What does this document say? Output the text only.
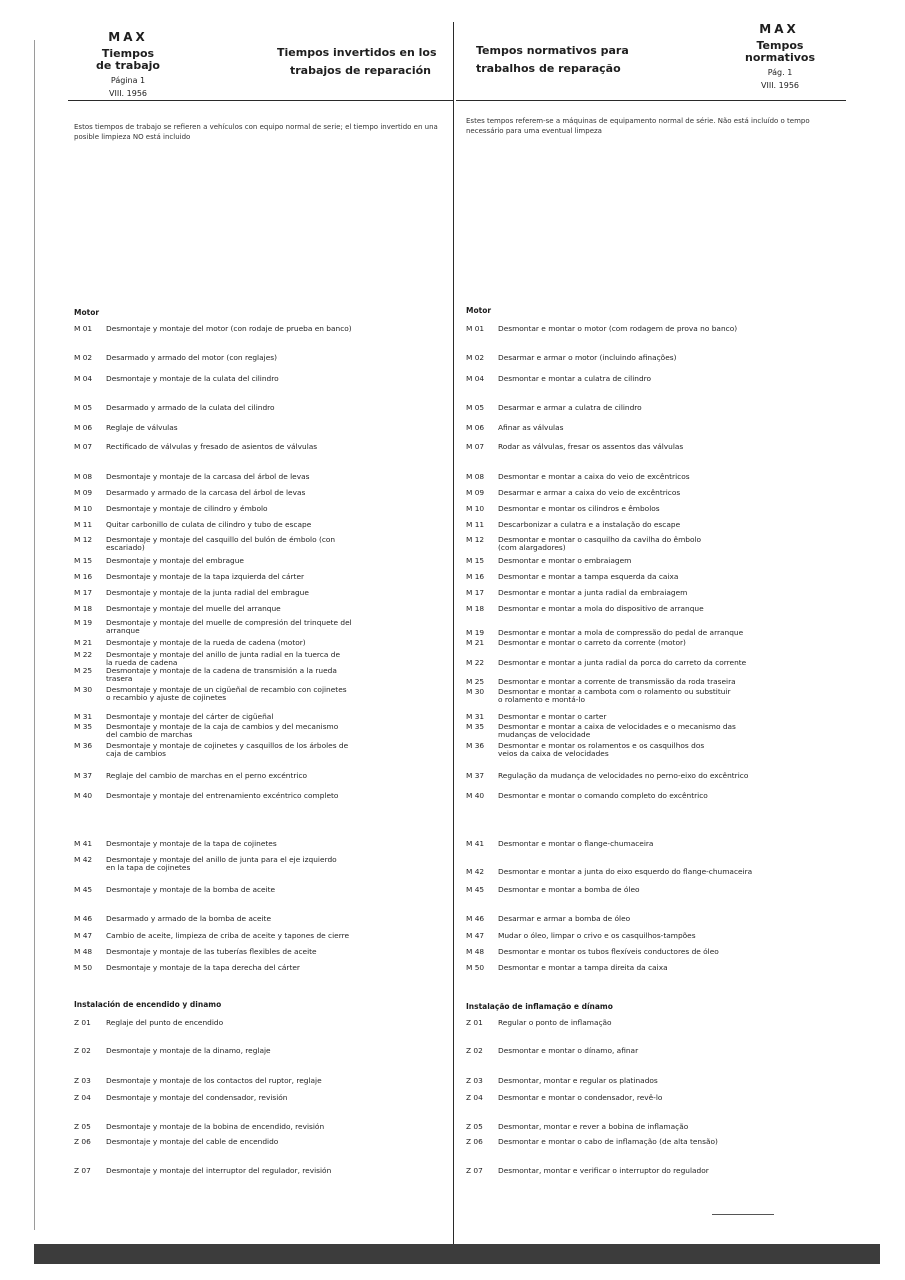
MAX
Tiempos
de trabajo
Página 1
VIII. 1956
Tiempos invertidos en los
trabajos de reparación
Tempos normativos para
trabalhos de reparação
MAX
Tempos
normativos
Pág. 1
VIII. 1956
Estos tiempos de trabajo se refieren a vehículos con equipo normal de serie; el tiempo invertido en una posible limpieza NO está incluido
Estes tempos referem-se a máquinas de equipamento normal de série. Não está incluído o tempo necessário para uma eventual limpeza
Motor	Motor
Instalación de encendido y dinamo	Instalação de inflamação e dínamo
M 01	Desmontaje y montaje del motor (con rodaje de prueba en banco)
M 02	Desarmado y armado del motor (con reglajes)
M 04	Desmontaje y montaje de la culata del cilindro
M 05	Desarmado y armado de la culata del cilindro
M 06	Reglaje de válvulas
M 07	Rectificado de válvulas y fresado de asientos de válvulas
M 08	Desmontaje y montaje de la carcasa del árbol de levas
M 09	Desarmado y armado de la carcasa del árbol de levas
M 10	Desmontaje y montaje de cilindro y émbolo
M 11	Quitar carbonillo de culata de cilindro y tubo de escape
M 12	Desmontaje y montaje del casquillo del bulón de émbolo (con
escariado)
M 15	Desmontaje y montaje del embrague
M 16	Desmontaje y montaje de la tapa izquierda del cárter
M 17	Desmontaje y montaje de la junta radial del embrague
M 18	Desmontaje y montaje del muelle del arranque
M 19	Desmontaje y montaje del muelle de compresión del trinquete del
arranque
M 21	Desmontaje y montaje de la rueda de cadena (motor)
M 22	Desmontaje y montaje del anillo de junta radial en la tuerca de
la rueda de cadena
M 25	Desmontaje y montaje de la cadena de transmisión a la rueda
trasera
M 30	Desmontaje y montaje de un cigüeñal de recambio con cojinetes
o recambio y ajuste de cojinetes
M 31	Desmontaje y montaje del cárter de cigüeñal
M 35	Desmontaje y montaje de la caja de cambios y del mecanismo
del cambio de marchas
M 36	Desmontaje y montaje de cojinetes y casquillos de los árboles de
caja de cambios
M 37	Reglaje del cambio de marchas en el perno excéntrico
M 40	Desmontaje y montaje del entrenamiento excéntrico completo
M 41	Desmontaje y montaje de la tapa de cojinetes
M 42	Desmontaje y montaje del anillo de junta para el eje izquierdo
en la tapa de cojinetes
M 45	Desmontaje y montaje de la bomba de aceite
M 46	Desarmado y armado de la bomba de aceite
M 47	Cambio de aceite, limpieza de criba de aceite y tapones de cierre
M 48	Desmontaje y montaje de las tuberías flexibles de aceite
M 50	Desmontaje y montaje de la tapa derecha del cárter
Z 01	Reglaje del punto de encendido
Z 02	Desmontaje y montaje de la dinamo, reglaje
Z 03	Desmontaje y montaje de los contactos del ruptor, reglaje
Z 04	Desmontaje y montaje del condensador, revisión
Z 05	Desmontaje y montaje de la bobina de encendido, revisión
Z 06	Desmontaje y montaje del cable de encendido
Z 07	Desmontaje y montaje del interruptor del regulador, revisión
M 01	Desmontar e montar o motor (com rodagem de prova no banco)
M 02	Desarmar e armar o motor (incluindo afinações)
M 04	Desmontar e montar a culatra de cilindro
M 05	Desarmar e armar a culatra de cilindro
M 06	Afinar as válvulas
M 07	Rodar as válvulas, fresar os assentos das válvulas
M 08	Desmontar e montar a caixa do veio de excêntricos
M 09	Desarmar e armar a caixa do veio de excêntricos
M 10	Desmontar e montar os cilindros e êmbolos
M 11	Descarbonizar a culatra e a instalação do escape
M 12	Desmontar e montar o casquilho da cavilha do êmbolo
(com alargadores)
M 15	Desmontar e montar o embraiagem
M 16	Desmontar e montar a tampa esquerda da caixa
M 17	Desmontar e montar a junta radial da embraiagem
M 18	Desmontar e montar a mola do dispositivo de arranque
M 19	Desmontar e montar a mola de compressão do pedal de arranque
M 21	Desmontar e montar o carreto da corrente (motor)
M 22	Desmontar e montar a junta radial da porca do carreto da corrente
M 25	Desmontar e montar a corrente de transmissão da roda traseira
M 30	Desmontar e montar a cambota com o rolamento ou substituir
o rolamento e montá-lo
M 31	Desmontar e montar o carter
M 35	Desmontar e montar a caixa de velocidades e o mecanismo das
mudanças de velocidade
M 36	Desmontar e montar os rolamentos e os casquilhos dos
veios da caixa de velocidades
M 37	Regulação da mudança de velocidades no perno-eixo do excêntrico
M 40	Desmontar e montar o comando completo do excêntrico
M 41	Desmontar e montar o flange-chumaceira
M 42	Desmontar e montar a junta do eixo esquerdo do flange-chumaceira
M 45	Desmontar e montar a bomba de óleo
M 46	Desarmar e armar a bomba de óleo
M 47	Mudar o óleo, limpar o crivo e os casquilhos-tampões
M 48	Desmontar e montar os tubos flexíveis conductores de óleo
M 50	Desmontar e montar a tampa direita da caixa
Z 01	Regular o ponto de inflamação
Z 02	Desmontar e montar o dínamo, afinar
Z 03	Desmontar, montar e regular os platinados
Z 04	Desmontar e montar o condensador, revê-lo
Z 05	Desmontar, montar e rever a bobina de inflamação
Z 06	Desmontar e montar o cabo de inflamação (de alta tensão)
Z 07	Desmontar, montar e verificar o interruptor do regulador
